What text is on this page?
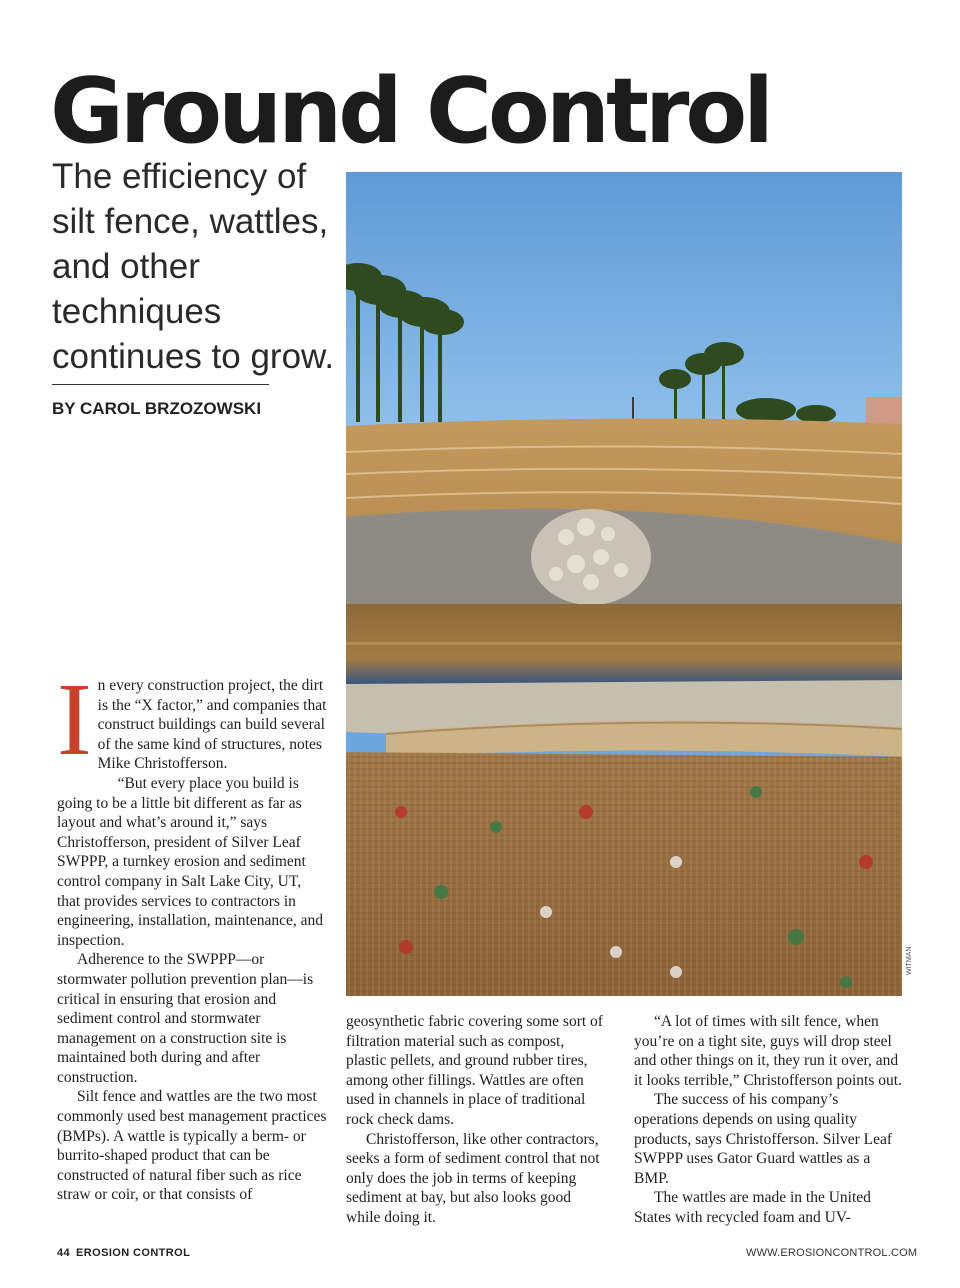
Ground Control
The efficiency of silt fence, wattles, and other techniques continues to grow.
BY CAROL BRZOZOWSKI
WITMAN

In every construction project, the dirt is the “X factor,” and companies that construct buildings can build several of the same kind of structures, notes Mike Christofferson.

“But every place you build is going to be a little bit different as far as layout and what’s around it,” says Christofferson, president of Silver Leaf SWPPP, a turnkey erosion and sediment control company in Salt Lake City, UT, that provides services to contractors in engineering, installation, maintenance, and inspection.

Adherence to the SWPPP—or stormwater pollution prevention plan—is critical in ensuring that erosion and sediment control and stormwater management on a construction site is maintained both during and after construction.

Silt fence and wattles are the two most commonly used best management practices (BMPs). A wattle is typically a berm- or burrito-shaped product that can be constructed of natural fiber such as rice straw or coir, or that consists of

geosynthetic fabric covering some sort of filtration material such as compost, plastic pellets, and ground rubber tires, among other fillings. Wattles are often used in channels in place of traditional rock check dams.

Christofferson, like other contractors, seeks a form of sediment control that not only does the job in terms of keeping sediment at bay, but also looks good while doing it.

“A lot of times with silt fence, when you’re on a tight site, guys will drop steel and other things on it, they run it over, and it looks terrible,” Christofferson points out.

The success of his company’s operations depends on using quality products, says Christofferson. Silver Leaf SWPPP uses Gator Guard wattles as a BMP.

The wattles are made in the United States with recycled foam and UV-

44 EROSION CONTROL	WWW.EROSIONCONTROL.COM
